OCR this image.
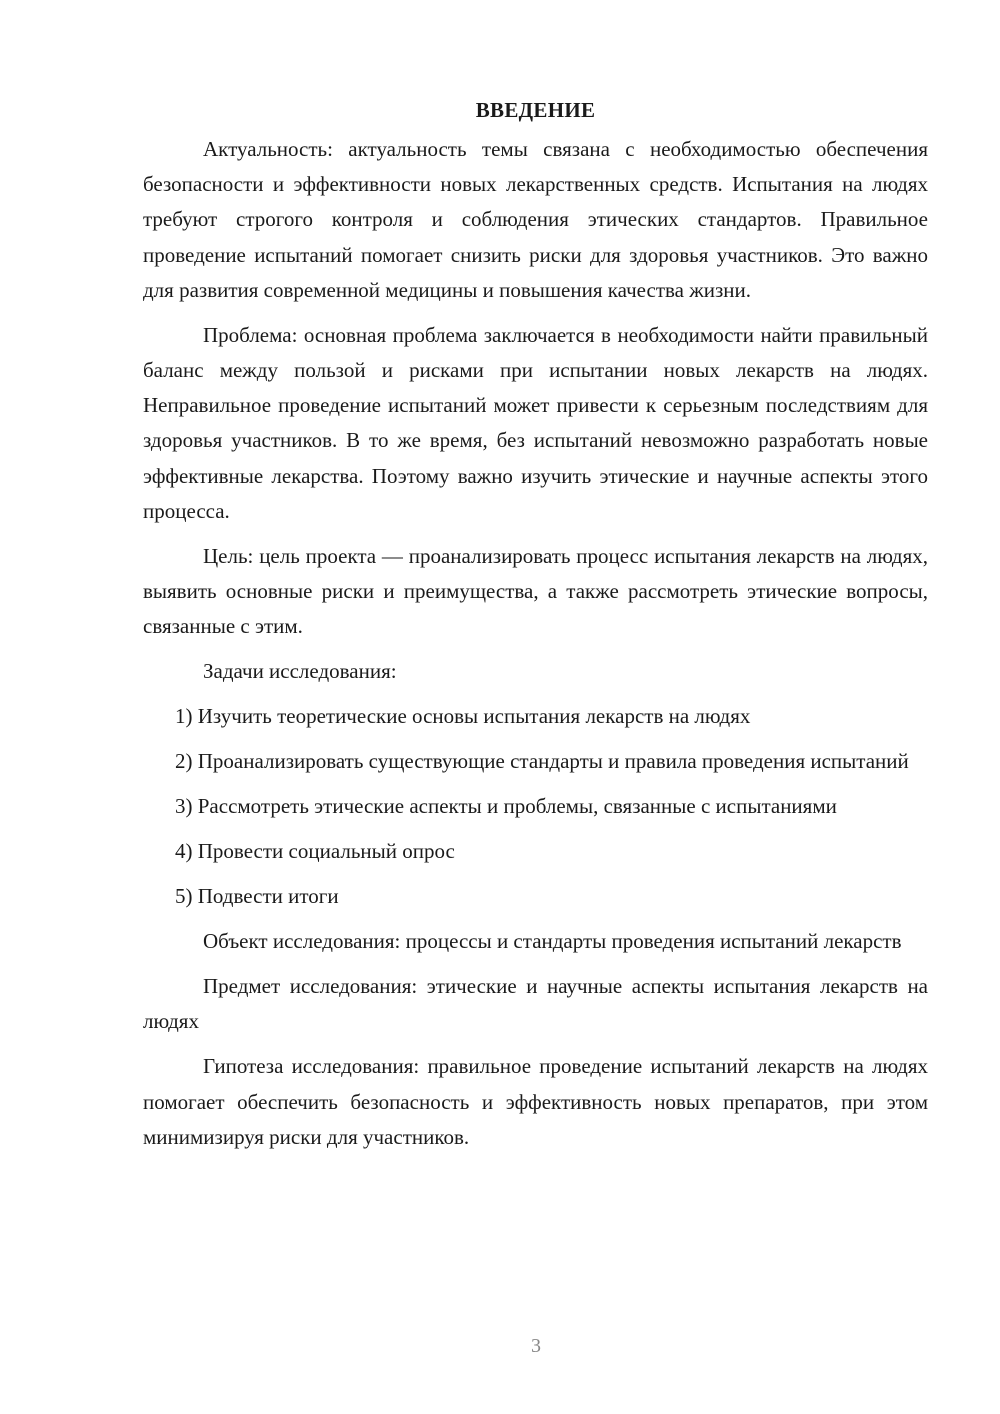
ВВЕДЕНИЕ

Актуальность: актуальность темы связана с необходимостью обеспечения безопасности и эффективности новых лекарственных средств. Испытания на людях требуют строгого контроля и соблюдения этических стандартов. Правильное проведение испытаний помогает снизить риски для здоровья участников. Это важно для развития современной медицины и повышения качества жизни.

Проблема: основная проблема заключается в необходимости найти правильный баланс между пользой и рисками при испытании новых лекарств на людях. Неправильное проведение испытаний может привести к серьезным последствиям для здоровья участников. В то же время, без испытаний невозможно разработать новые эффективные лекарства. Поэтому важно изучить этические и научные аспекты этого процесса.

Цель: цель проекта — проанализировать процесс испытания лекарств на людях, выявить основные риски и преимущества, а также рассмотреть этические вопросы, связанные с этим.

Задачи исследования:

1) Изучить теоретические основы испытания лекарств на людях

2) Проанализировать существующие стандарты и правила проведения испытаний

3) Рассмотреть этические аспекты и проблемы, связанные с испытаниями

4) Провести социальный опрос

5) Подвести итоги

Объект исследования: процессы и стандарты проведения испытаний лекарств

Предмет исследования: этические и научные аспекты испытания лекарств на людях

Гипотеза исследования: правильное проведение испытаний лекарств на людях помогает обеспечить безопасность и эффективность новых препаратов, при этом минимизируя риски для участников.

3
